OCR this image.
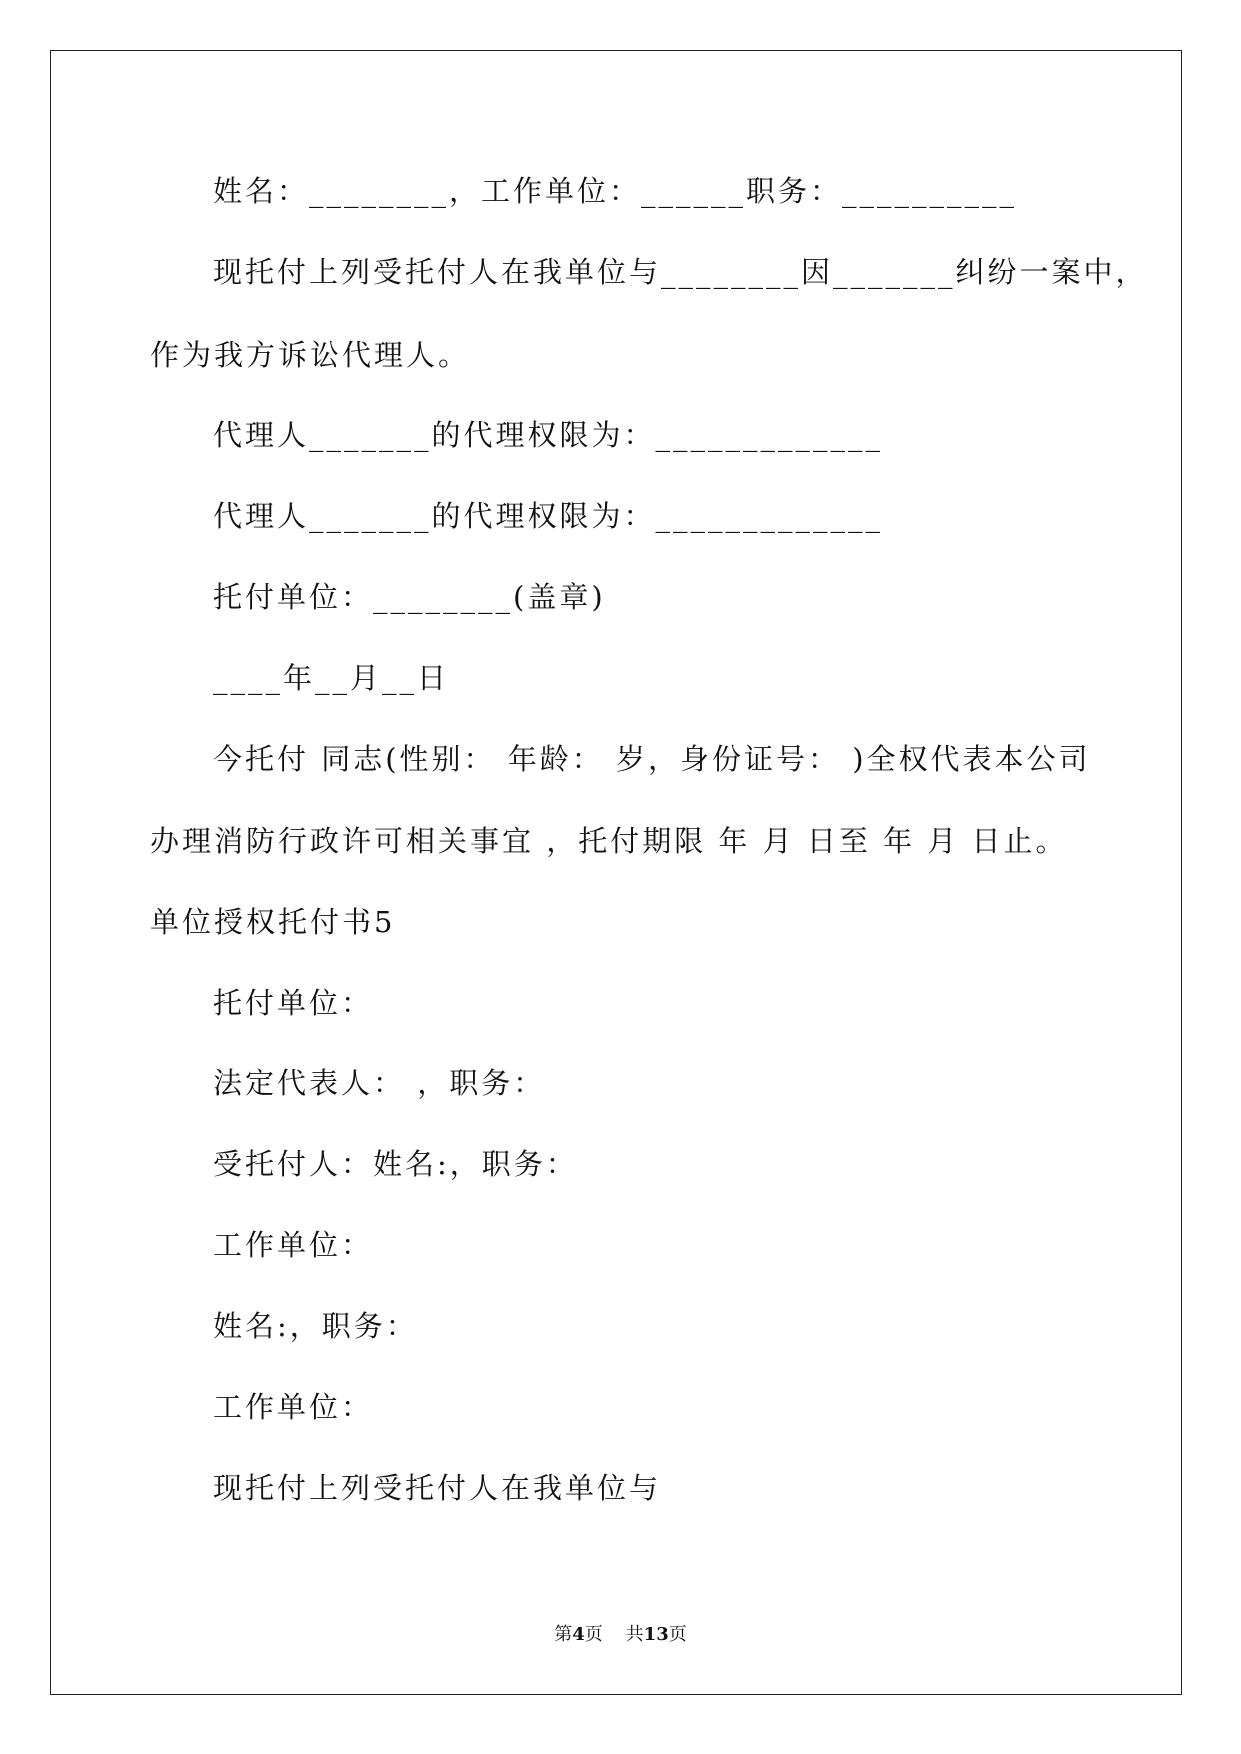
姓名：________，工作单位：______职务：__________
现托付上列受托付人在我单位与________因_______纠纷一案中，
作为我方诉讼代理人。
代理人_______的代理权限为：_____________
代理人_______的代理权限为：_____________
托付单位：________(盖章)
____年__月__日
今托付 同志(性别： 年龄： 岁，身份证号： )全权代表本公司
办理消防行政许可相关事宜 ，托付期限 年 月 日至 年 月 日止。
单位授权托付书5
托付单位：
法定代表人： ，职务：
受托付人：姓名:，职务：
工作单位：
姓名:，职务：
工作单位：
现托付上列受托付人在我单位与
第4页 共13页
